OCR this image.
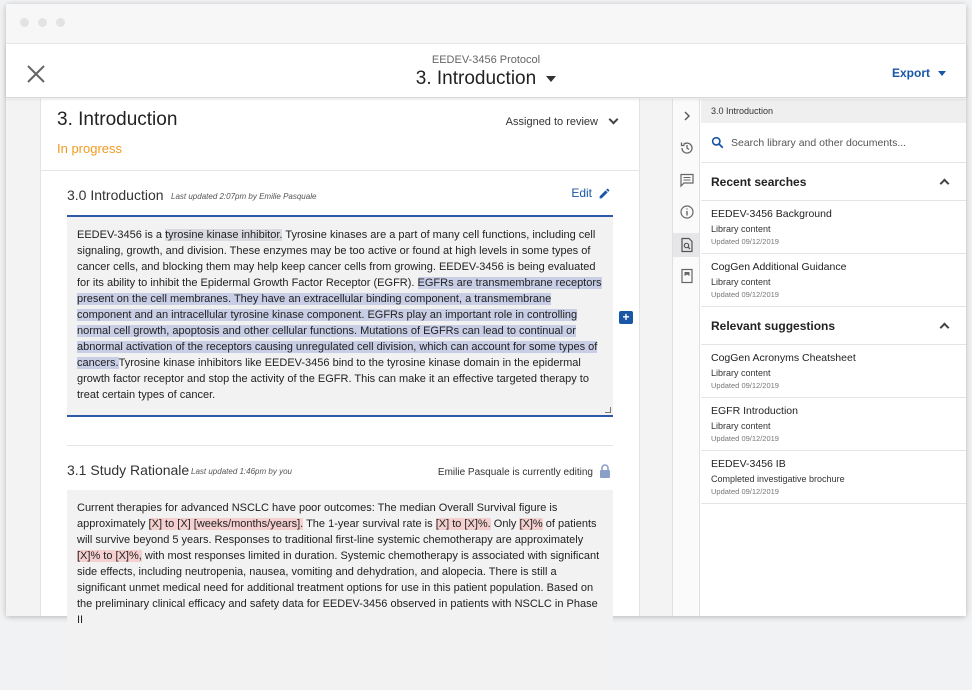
EEDEV-3456 Protocol
3. Introduction	Export
3. Introduction
In progress
Assigned to review
3.0 Introduction Last updated 2:07pm by Emilie Pasquale	Edit
EEDEV-3456 is a tyrosine kinase inhibitor. Tyrosine kinases are a part of many cell functions, including cell signaling, growth, and division. These enzymes may be too active or found at high levels in some types of cancer cells, and blocking them may help keep cancer cells from growing. EEDEV-3456 is being evaluated for its ability to inhibit the Epidermal Growth Factor Receptor (EGFR). EGFRs are transmembrane receptors present on the cell membranes. They have an extracellular binding component, a transmembrane component and an intracellular tyrosine kinase component. EGFRs play an important role in controlling normal cell growth, apoptosis and other cellular functions. Mutations of EGFRs can lead to continual or abnormal activation of the receptors causing unregulated cell division, which can account for some types of cancers.Tyrosine kinase inhibitors like EEDEV-3456 bind to the tyrosine kinase domain in the epidermal growth factor receptor and stop the activity of the EGFR. This can make it an effective targeted therapy to treat certain types of cancer.
3.1 Study Rationale Last updated 1:46pm by you	Emilie Pasquale is currently editing
Current therapies for advanced NSCLC have poor outcomes: The median Overall Survival figure is approximately [X] to [X] [weeks/months/years]. The 1-year survival rate is [X] to [X]%. Only [X]% of patients will survive beyond 5 years. Responses to traditional first-line systemic chemotherapy are approximately [X]% to [X]%, with most responses limited in duration. Systemic chemotherapy is associated with significant side effects, including neutropenia, nausea, vomiting and dehydration, and alopecia. There is still a significant unmet medical need for additional treatment options for use in this patient population. Based on the preliminary clinical efficacy and safety data for EEDEV-3456 observed in patients with NSCLC in Phase II
+
3.0 Introduction
Search library and other documents...
Recent searches
EEDEV-3456 Background
Library content
Updated 09/12/2019
CogGen Additional Guidance
Library content
Updated 09/12/2019
Relevant suggestions
CogGen Acronyms Cheatsheet
Library content
Updated 09/12/2019
EGFR Introduction
Library content
Updated 09/12/2019
EEDEV-3456 IB
Completed investigative brochure
Updated 09/12/2019
